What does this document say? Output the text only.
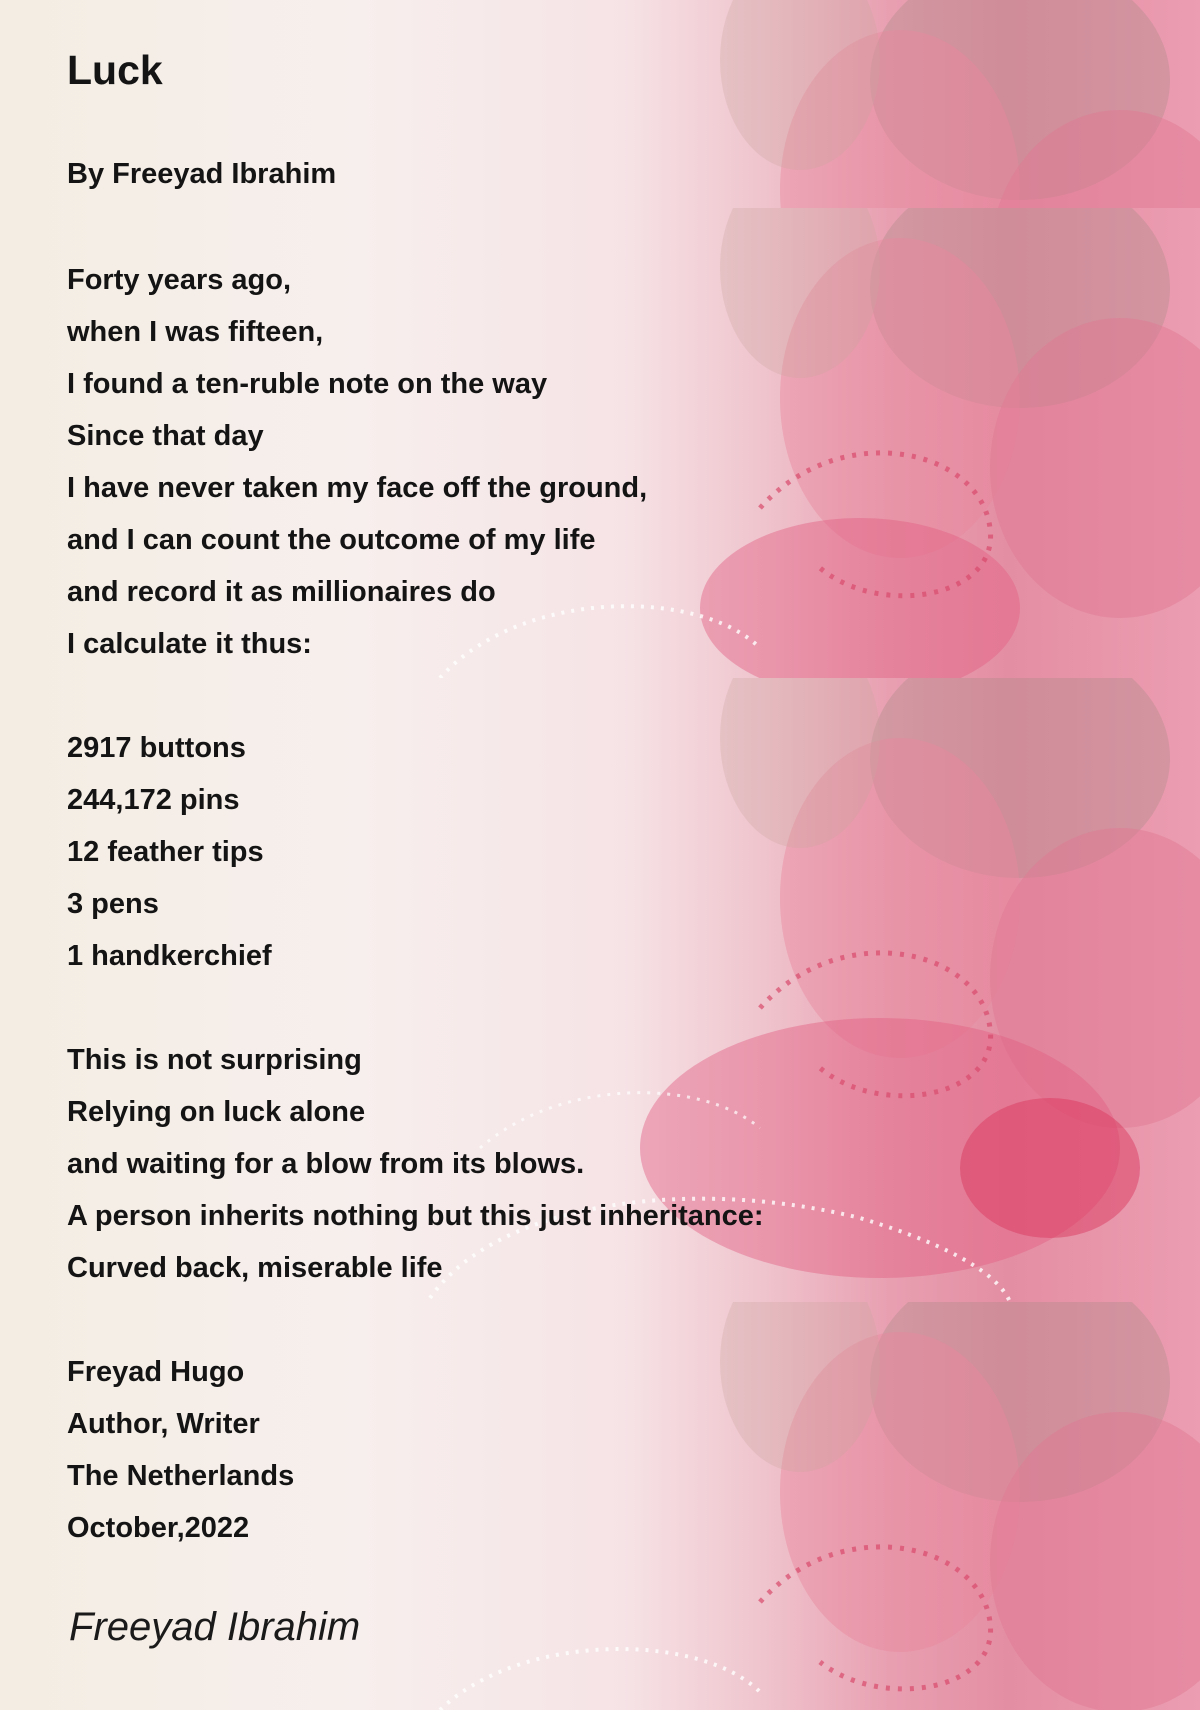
Luck
By Freeyad Ibrahim
Forty years ago,
when I was fifteen,
I found a ten-ruble note on the way
Since that day
I have never taken my face off the ground,
and I can count the outcome of my life
and record it as millionaires do
I calculate it thus:
2917 buttons
244,172 pins
12 feather tips
3 pens
1 handkerchief
This is not surprising
Relying on luck alone
and waiting for a blow from its blows.
A person inherits nothing but this just inheritance:
Curved back, miserable life
Freyad Hugo
Author, Writer
The Netherlands
October,2022
Freeyad Ibrahim
